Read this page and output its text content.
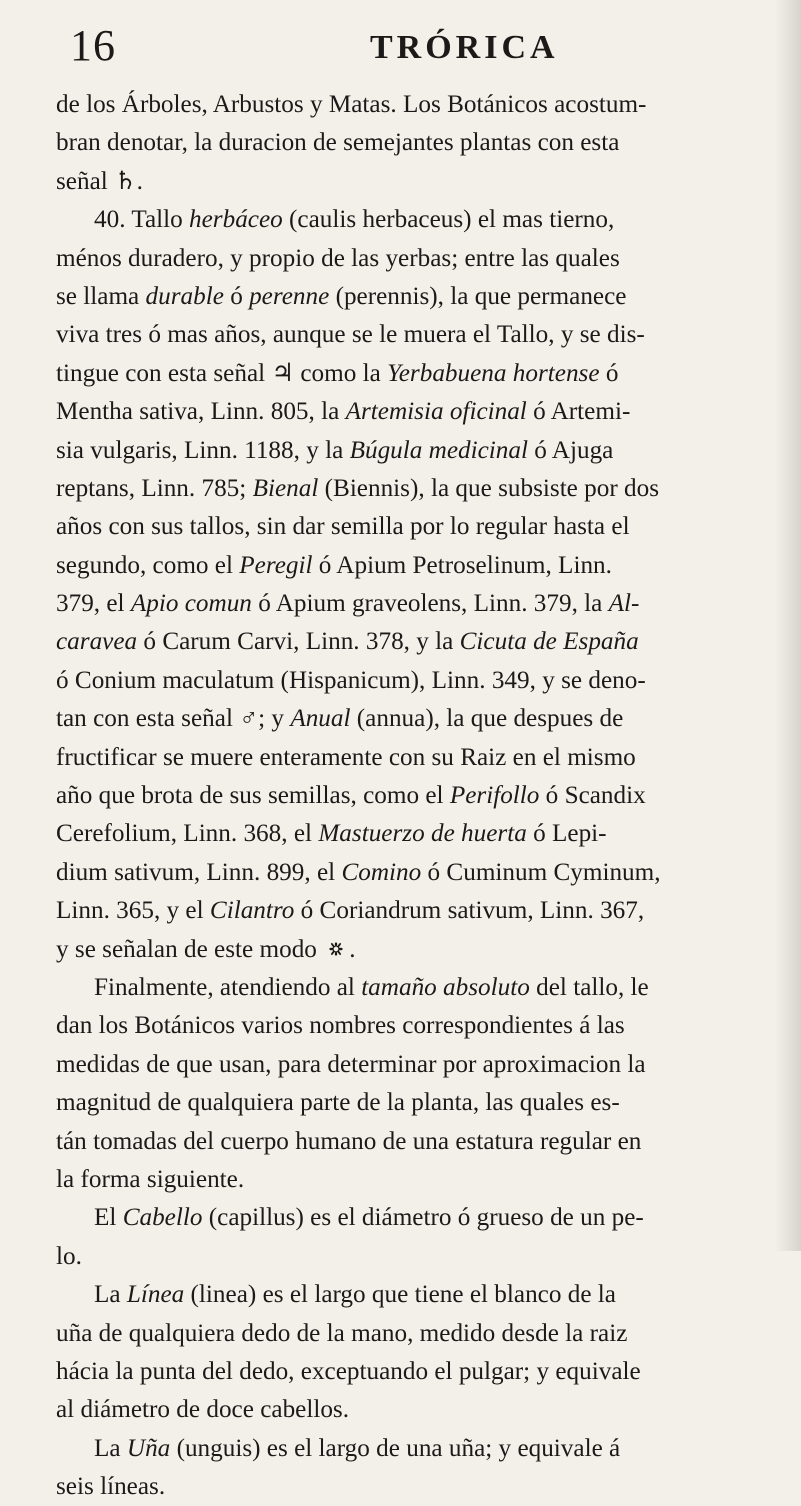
16	TRÓRICA
de los Árboles, Arbustos y Matas. Los Botánicos acostum-
bran denotar, la duracion de semejantes plantas con esta
señal ♄.
40. Tallo herbáceo (caulis herbaceus) el mas tierno,
ménos duradero, y propio de las yerbas; entre las quales
se llama durable ó perenne (perennis), la que permanece
viva tres ó mas años, aunque se le muera el Tallo, y se dis-
tingue con esta señal ♃ como la Yerbabuena hortense ó
Mentha sativa, Linn. 805, la Artemisia oficinal ó Artemi-
sia vulgaris, Linn. 1188, y la Búgula medicinal ó Ajuga
reptans, Linn. 785; Bienal (Biennis), la que subsiste por dos
años con sus tallos, sin dar semilla por lo regular hasta el
segundo, como el Peregil ó Apium Petroselinum, Linn.
379, el Apio comun ó Apium graveolens, Linn. 379, la Al-
caravea ó Carum Carvi, Linn. 378, y la Cicuta de España
ó Conium maculatum (Hispanicum), Linn. 349, y se deno-
tan con esta señal ♂; y Anual (annua), la que despues de
fructificar se muere enteramente con su Raiz en el mismo
año que brota de sus semillas, como el Perifollo ó Scandix
Cerefolium, Linn. 368, el Mastuerzo de huerta ó Lepi-
dium sativum, Linn. 899, el Comino ó Cuminum Cyminum,
Linn. 365, y el Cilantro ó Coriandrum sativum, Linn. 367,
y se señalan de este modo .
Finalmente, atendiendo al tamaño absoluto del tallo, le
dan los Botánicos varios nombres correspondientes á las
medidas de que usan, para determinar por aproximacion la
magnitud de qualquiera parte de la planta, las quales es-
tán tomadas del cuerpo humano de una estatura regular en
la forma siguiente.
El Cabello (capillus) es el diámetro ó grueso de un pe-
lo.
La Línea (linea) es el largo que tiene el blanco de la
uña de qualquiera dedo de la mano, medido desde la raiz
hácia la punta del dedo, exceptuando el pulgar; y equivale
al diámetro de doce cabellos.
La Uña (unguis) es el largo de una uña; y equivale á
seis líneas.
